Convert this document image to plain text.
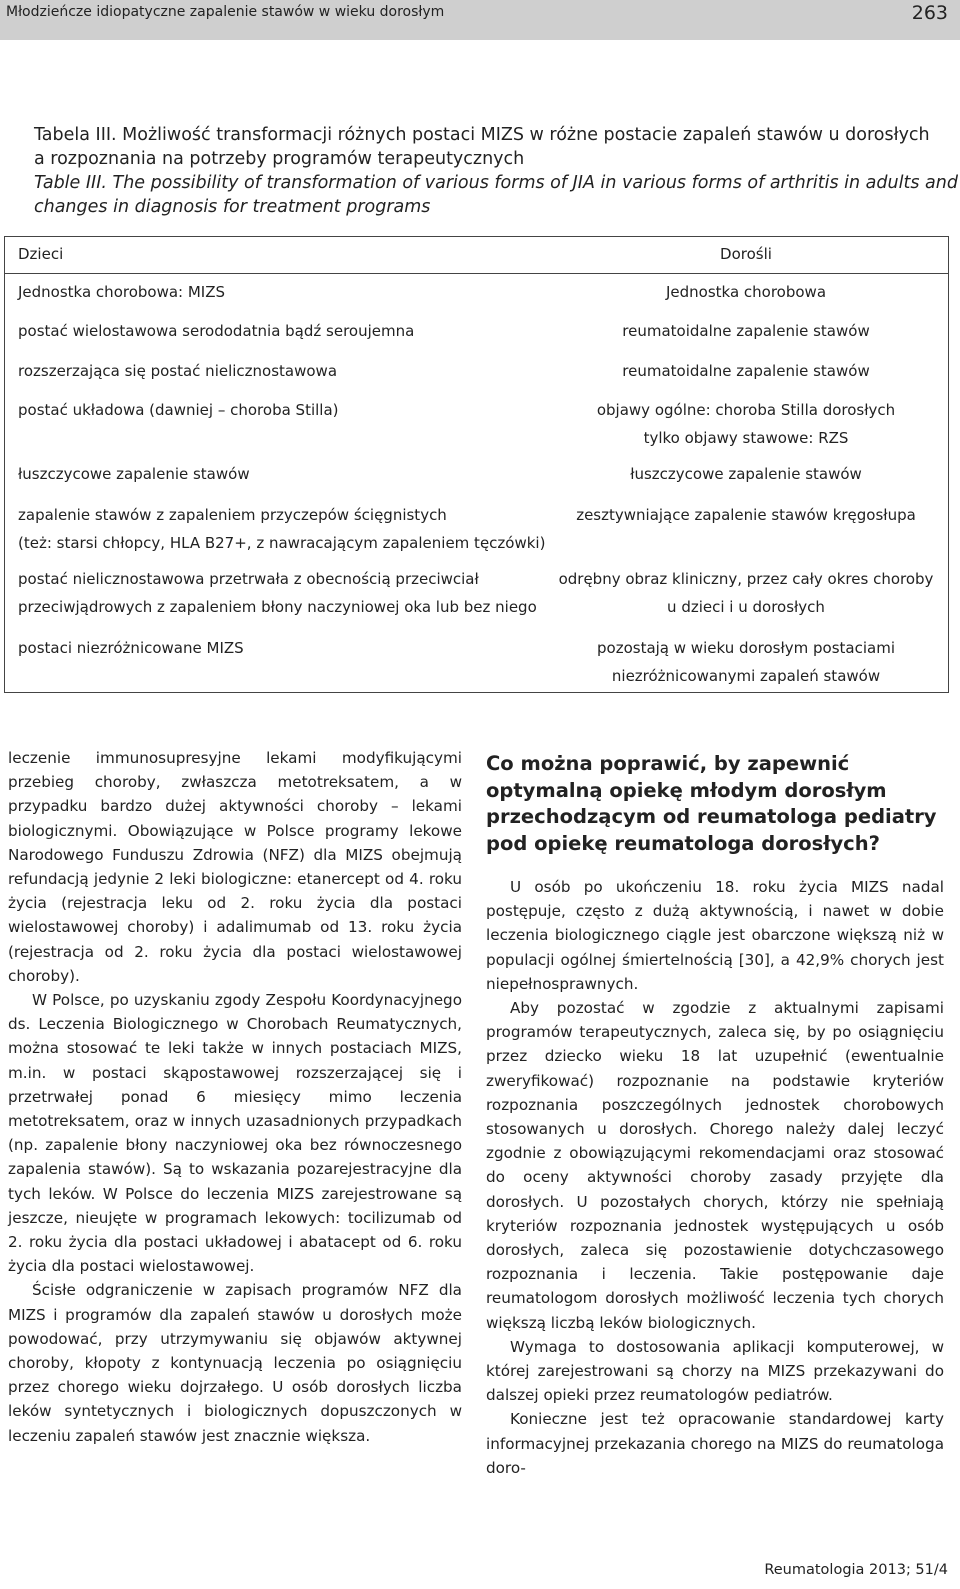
Młodzieńcze idiopatyczne zapalenie stawów w wieku dorosłym	263
Tabela III. Możliwość transformacji różnych postaci MIZS w różne postacie zapaleń stawów u dorosłych
a rozpoznania na potrzeby programów terapeutycznych
Table III. The possibility of transformation of various forms of JIA in various forms of arthritis in adults and
changes in diagnosis for treatment programs
Dzieci	Dorośli
Jednostka chorobowa: MIZS
postać wielostawowa serododatnia bądź seroujemna
rozszerzająca się postać nielicznostawowa
postać układowa (dawniej – choroba Stilla)
łuszczycowe zapalenie stawów
zapalenie stawów z zapaleniem przyczepów ścięgnistych
(też: starsi chłopcy, HLA B27+, z nawracającym zapaleniem tęczówki)
postać nielicznostawowa przetrwała z obecnością przeciwciał
przeciwjądrowych z zapaleniem błony naczyniowej oka lub bez niego
postaci niezróżnicowane MIZS
Jednostka chorobowa
reumatoidalne zapalenie stawów
reumatoidalne zapalenie stawów
objawy ogólne: choroba Stilla dorosłych
tylko objawy stawowe: RZS
łuszczycowe zapalenie stawów
zesztywniające zapalenie stawów kręgosłupa
odrębny obraz kliniczny, przez cały okres choroby
u dzieci i u dorosłych
pozostają w wieku dorosłym postaciami
niezróżnicowanymi zapaleń stawów

leczenie immunosupresyjne lekami modyfikującymi przebieg choroby, zwłaszcza metotreksatem, a w przypadku bardzo dużej aktywności choroby – lekami biologicznymi. Obowiązujące w Polsce programy lekowe Narodowego Funduszu Zdrowia (NFZ) dla MIZS obejmują refundacją jedynie 2 leki biologiczne: etanercept od 4. roku życia (rejestracja leku od 2. roku życia dla postaci wielostawowej choroby) i adalimumab od 13. roku życia (rejestracja od 2. roku życia dla postaci wielostawowej choroby).

W Polsce, po uzyskaniu zgody Zespołu Koordynacyjnego ds. Leczenia Biologicznego w Chorobach Reumatycznych, można stosować te leki także w innych postaciach MIZS, m.in. w postaci skąpostawowej rozszerzającej się i przetrwałej ponad 6 miesięcy mimo leczenia metotreksatem, oraz w innych uzasadnionych przypadkach (np. zapalenie błony naczyniowej oka bez równoczesnego zapalenia stawów). Są to wskazania pozarejestracyjne dla tych leków. W Polsce do leczenia MIZS zarejestrowane są jeszcze, nieujęte w programach lekowych: tocilizumab od 2. roku życia dla postaci układowej i abatacept od 6. roku życia dla postaci wielostawowej.

Ścisłe odgraniczenie w zapisach programów NFZ dla MIZS i programów dla zapaleń stawów u dorosłych może powodować, przy utrzymywaniu się objawów aktywnej choroby, kłopoty z kontynuacją leczenia po osiągnięciu przez chorego wieku dojrzałego. U osób dorosłych liczba leków syntetycznych i biologicznych dopuszczonych w leczeniu zapaleń stawów jest znacznie większa.

Co można poprawić, by zapewnić optymalną opiekę młodym dorosłym przechodzącym od reumatologa pediatry pod opiekę reumatologa dorosłych?

U osób po ukończeniu 18. roku życia MIZS nadal postępuje, często z dużą aktywnością, i nawet w dobie leczenia biologicznego ciągle jest obarczone większą niż w populacji ogólnej śmiertelnością [30], a 42,9% chorych jest niepełnosprawnych.

Aby pozostać w zgodzie z aktualnymi zapisami programów terapeutycznych, zaleca się, by po osiągnięciu przez dziecko wieku 18 lat uzupełnić (ewentualnie zweryfikować) rozpoznanie na podstawie kryteriów rozpoznania poszczególnych jednostek chorobowych stosowanych u dorosłych. Chorego należy dalej leczyć zgodnie z obowiązującymi rekomendacjami oraz stosować do oceny aktywności choroby zasady przyjęte dla dorosłych. U pozostałych chorych, którzy nie spełniają kryteriów rozpoznania jednostek występujących u osób dorosłych, zaleca się pozostawienie dotychczasowego rozpoznania i leczenia. Takie postępowanie daje reumatologom dorosłych możliwość leczenia tych chorych większą liczbą leków biologicznych.

Wymaga to dostosowania aplikacji komputerowej, w której zarejestrowani są chorzy na MIZS przekazywani do dalszej opieki przez reumatologów pediatrów.

Konieczne jest też opracowanie standardowej karty informacyjnej przekazania chorego na MIZS do reumatologa doro-

Reumatologia 2013; 51/4
